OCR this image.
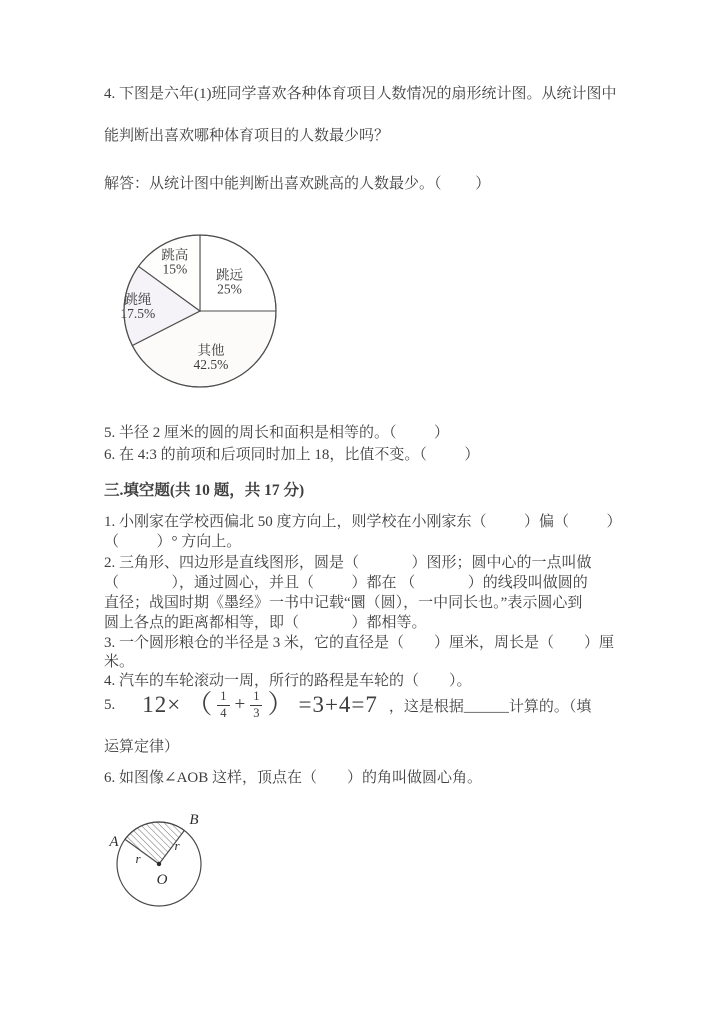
4. 下图是六年(1)班同学喜欢各种体育项目人数情况的扇形统计图。从统计图中

能判断出喜欢哪种体育项目的人数最少吗？

解答：从统计图中能判断出喜欢跳高的人数最少。（         ）

跳远 25%
其他 42.5%
跳绳 17.5%
跳高 15%

5. 半径 2 厘米的圆的周长和面积是相等的。（          ）

6. 在 4:3 的前项和后项同时加上 18，比值不变。（          ）

三.填空题(共 10 题，共 17 分)

1. 小刚家在学校西偏北 50 度方向上，则学校在小刚家东（          ）偏（          ）

（          ）° 方向上。

2. 三角形、四边形是直线图形，圆是（              ）图形；圆中心的一点叫做

（              ），通过圆心，并且（          ）都在 （              ）的线段叫做圆的

直径；战国时期《墨经》一书中记载“圜（圆），一中同长也。”表示圆心到

圆上各点的距离都相等，即（              ）都相等。

3. 一个圆形粮仓的半径是 3 米，它的直径是（        ）厘米，周长是（        ）厘

米。

4. 汽车的车轮滚动一周，所行的路程是车轮的（        ）。

5. 12× （ $\frac{1}{4} + \frac{1}{3}$ ） =3+4=7 ，这是根据______计算的。（填

运算定律）

6. 如图像∠AOB 这样，顶点在（        ）的角叫做圆心角。

A
B
O
r
r
